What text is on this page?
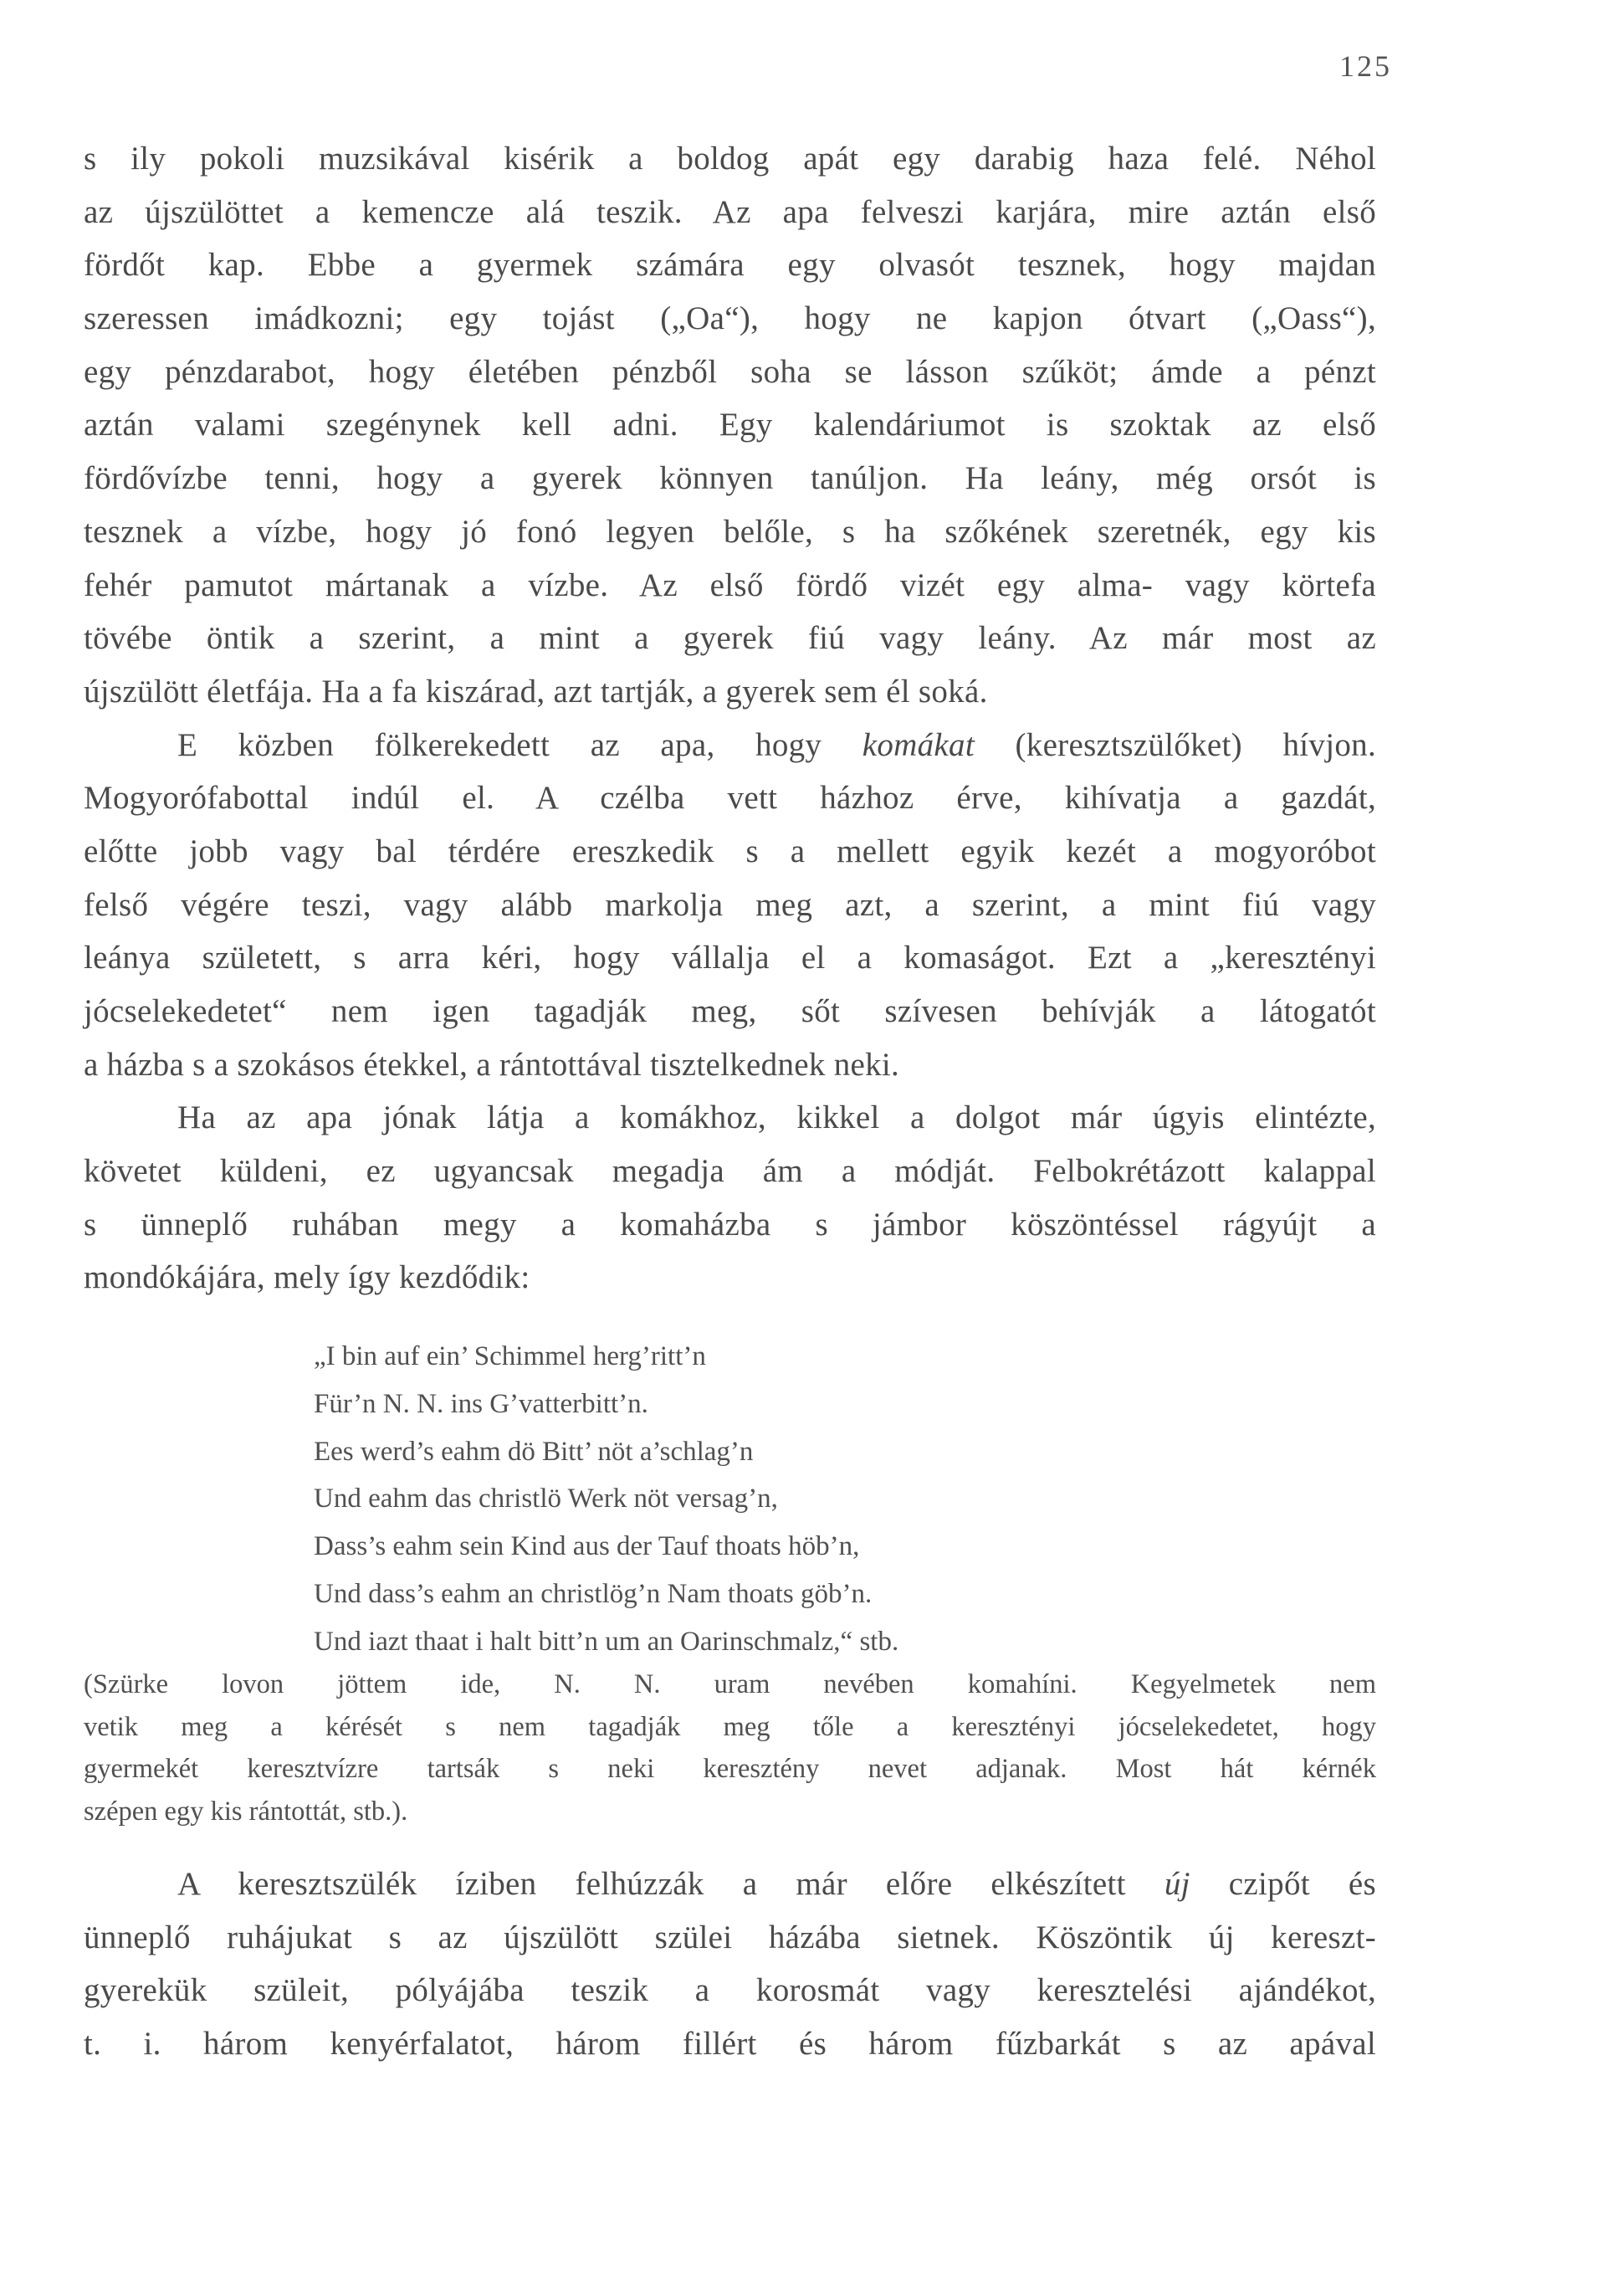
125
s ily pokoli muzsikával kisérik a boldog apát egy darabig haza felé. Néhol
az újszülöttet a kemencze alá teszik. Az apa felveszi karjára, mire aztán első
fördőt kap. Ebbe a gyermek számára egy olvasót tesznek, hogy majdan
szeressen imádkozni; egy tojást („Oa“), hogy ne kapjon ótvart („Oass“),
egy pénzdarabot, hogy életében pénzből soha se lásson szűköt; ámde a pénzt
aztán valami szegénynek kell adni. Egy kalendáriumot is szoktak az első
fördővízbe tenni, hogy a gyerek könnyen tanúljon. Ha leány, még orsót is
tesznek a vízbe, hogy jó fonó legyen belőle, s ha szőkének szeretnék, egy kis
fehér pamutot mártanak a vízbe. Az első fördő vizét egy alma- vagy körtefa
tövébe öntik a szerint, a mint a gyerek fiú vagy leány. Az már most az
újszülött életfája. Ha a fa kiszárad, azt tartják, a gyerek sem él soká.
E közben fölkerekedett az apa, hogy komákat (keresztszülőket) hívjon.
Mogyorófabottal indúl el. A czélba vett házhoz érve, kihívatja a gazdát,
előtte jobb vagy bal térdére ereszkedik s a mellett egyik kezét a mogyoróbot
felső végére teszi, vagy alább markolja meg azt, a szerint, a mint fiú vagy
leánya született, s arra kéri, hogy vállalja el a komaságot. Ezt a „keresztényi
jócselekedetet“ nem igen tagadják meg, sőt szívesen behívják a látogatót
a házba s a szokásos étekkel, a rántottával tisztelkednek neki.
Ha az apa jónak látja a komákhoz, kikkel a dolgot már úgyis elintézte,
követet küldeni, ez ugyancsak megadja ám a módját. Felbokrétázott kalappal
s ünneplő ruhában megy a komaházba s jámbor köszöntéssel rágyújt a
mondókájára, mely így kezdődik:
„I bin auf ein’ Schimmel herg’ritt’n
Für’n N. N. ins G’vatterbitt’n.
Ees werd’s eahm dö Bitt’ nöt a’schlag’n
Und eahm das christlö Werk nöt versag’n,
Dass’s eahm sein Kind aus der Tauf thoats höb’n,
Und dass’s eahm an christlög’n Nam thoats göb’n.
Und iazt thaat i halt bitt’n um an Oarinschmalz,“ stb.
(Szürke lovon jöttem ide, N. N. uram nevében komahíni. Kegyelmetek nem
vetik meg a kérését s nem tagadják meg tőle a keresztényi jócselekedetet, hogy
gyermekét keresztvízre tartsák s neki keresztény nevet adjanak. Most hát kérnék
szépen egy kis rántottát, stb.).
A keresztszülék íziben felhúzzák a már előre elkészített új czipőt és
ünneplő ruhájukat s az újszülött szülei házába sietnek. Köszöntik új kereszt-
gyerekük szüleit, pólyájába teszik a korosmát vagy keresztelési ajándékot,
t. i. három kenyérfalatot, három fillért és három fűzbarkát s az apával
